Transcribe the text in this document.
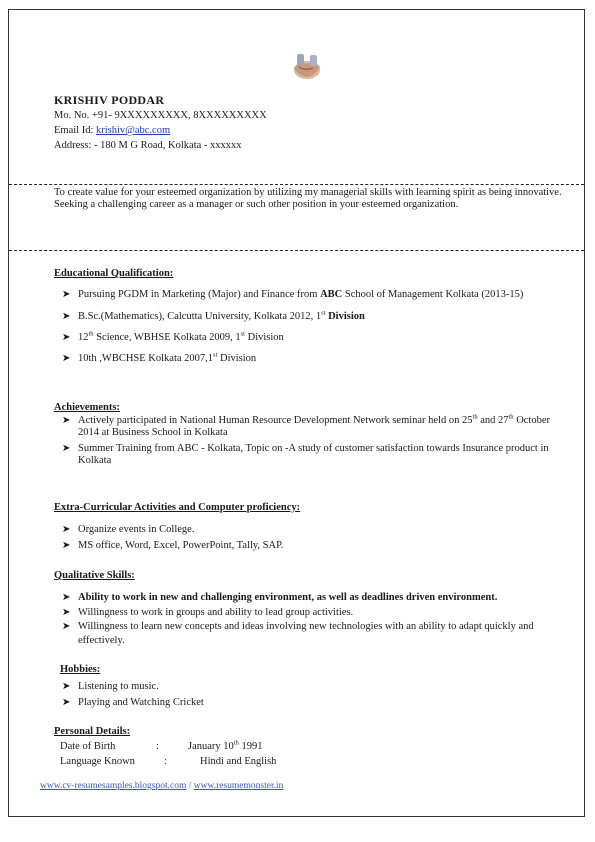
KRISHIV PODDAR
Mo. No. +91- 9XXXXXXXXX, 8XXXXXXXXX
Email Id: krishiv@abc.com
Address: - 180 M G Road, Kolkata - xxxxxx
To create value for your esteemed organization by utilizing my managerial skills with learning spirit as being innovative.
Seeking a challenging career as a manager or such other position in your esteemed organization.
Educational Qualification:
➤ Pursuing PGDM in Marketing (Major) and Finance from ABC School of Management Kolkata (2013-15)
➤ B.Sc.(Mathematics), Calcutta University, Kolkata 2012, 1st Division
➤ 12th Science, WBHSE Kolkata 2009, 1st Division
➤ 10th ,WBCHSE Kolkata 2007,1st Division
Achievements:
➤ Actively participated in National Human Resource Development Network seminar held on 25th and 27th October 2014 at Business School in Kolkata
➤ Summer Training from ABC - Kolkata, Topic on -A study of customer satisfaction towards Insurance product in Kolkata
Extra-Curricular Activities and Computer proficiency:
➤ Organize events in College.
➤ MS office, Word, Excel, PowerPoint, Tally, SAP.
Qualitative Skills:
➤ Ability to work in new and challenging environment, as well as deadlines driven environment.
➤ Willingness to work in groups and ability to lead group activities.
➤ Willingness to learn new concepts and ideas involving new technologies with an ability to adapt quickly and effectively.
Hobbies:
➤ Listening to music.
➤ Playing and Watching Cricket
Personal Details:
Date of Birth	:	January 10th 1991
Language Known	:	Hindi and English
www.cv-resumesamples.blogspot.com / www.resumemonster.in
